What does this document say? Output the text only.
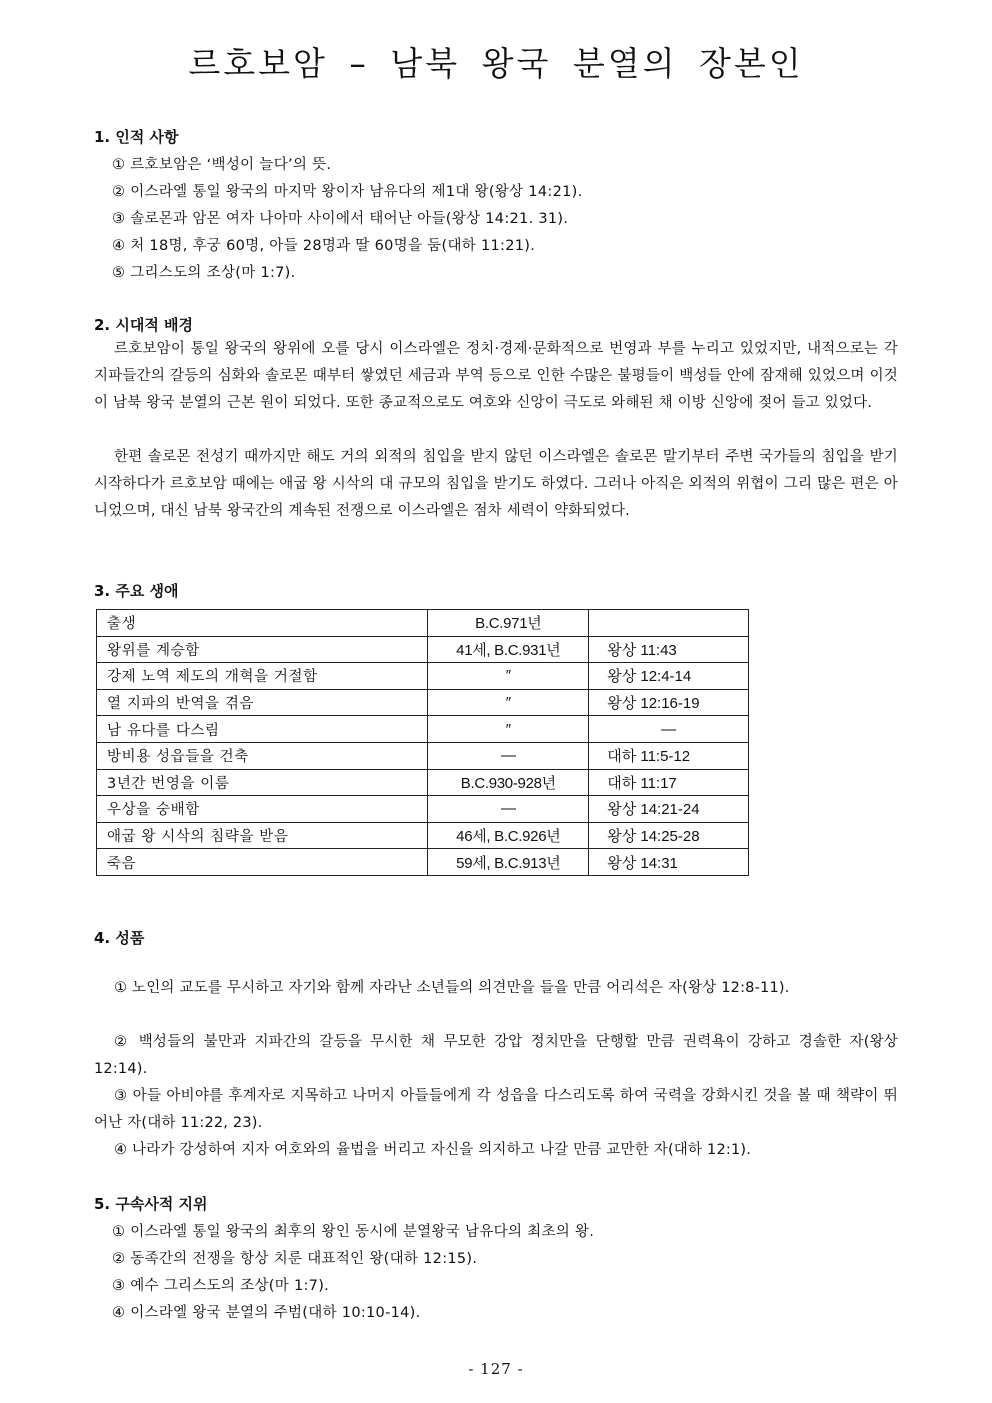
르호보암 – 남북 왕국 분열의 장본인
1. 인적 사항
① 르호보암은 ‘백성이 늘다’의 뜻.
② 이스라엘 통일 왕국의 마지막 왕이자 남유다의 제1대 왕(왕상 14:21).
③ 솔로몬과 암몬 여자 나아마 사이에서 태어난 아들(왕상 14:21. 31).
④ 처 18명, 후궁 60명, 아들 28명과 딸 60명을 둠(대하 11:21).
⑤ 그리스도의 조상(마 1:7).
2. 시대적 배경

르호보암이 통일 왕국의 왕위에 오를 당시 이스라엘은 정치·경제·문화적으로 번영과 부를 누리고 있었지만, 내적으로는 각 지파들간의 갈등의 심화와 솔로몬 때부터 쌓였던 세금과 부역 등으로 인한 수많은 불평들이 백성들 안에 잠재해 있었으며 이것이 남북 왕국 분열의 근본 원이 되었다. 또한 종교적으로도 여호와 신앙이 극도로 와해된 채 이방 신앙에 젖어 들고 있었다.

한편 솔로몬 전성기 때까지만 해도 거의 외적의 침입을 받지 않던 이스라엘은 솔로몬 말기부터 주변 국가들의 침입을 받기 시작하다가 르호보암 때에는 애굽 왕 시삭의 대 규모의 침입을 받기도 하였다. 그러나 아직은 외적의 위협이 그리 많은 편은 아니었으며, 대신 남북 왕국간의 계속된 전쟁으로 이스라엘은 점차 세력이 약화되었다.

3. 주요 생애
출생	B.C.971년	
왕위를 계승함	41세, B.C.931년	왕상 11:43
강제 노역 제도의 개혁을 거절함	″	왕상 12:4-14
열 지파의 반역을 겪음	″	왕상 12:16-19
남 유다를 다스림	″	—
방비용 성읍들을 건축	—	대하 11:5-12
3년간 번영을 이룸	B.C.930-928년	대하 11:17
우상을 숭배함	—	왕상 14:21-24
애굽 왕 시삭의 침략을 받음	46세, B.C.926년	왕상 14:25-28
죽음	59세, B.C.913년	왕상 14:31
4. 성품

① 노인의 교도를 무시하고 자기와 함께 자라난 소년들의 의견만을 들을 만큼 어리석은 자(왕상 12:8-11).

② 백성들의 불만과 지파간의 갈등을 무시한 채 무모한 강압 정치만을 단행할 만큼 권력욕이 강하고 경솔한 자(왕상 12:14).

③ 아들 아비야를 후계자로 지목하고 나머지 아들들에게 각 성읍을 다스리도록 하여 국력을 강화시킨 것을 볼 때 책략이 뛰어난 자(대하 11:22, 23).

④ 나라가 강성하여 지자 여호와의 율법을 버리고 자신을 의지하고 나갈 만큼 교만한 자(대하 12:1).

5. 구속사적 지위
① 이스라엘 통일 왕국의 최후의 왕인 동시에 분열왕국 남유다의 최초의 왕.
② 동족간의 전쟁을 항상 치룬 대표적인 왕(대하 12:15).
③ 예수 그리스도의 조상(마 1:7).
④ 이스라엘 왕국 분열의 주범(대하 10:10-14).
- 127 -
